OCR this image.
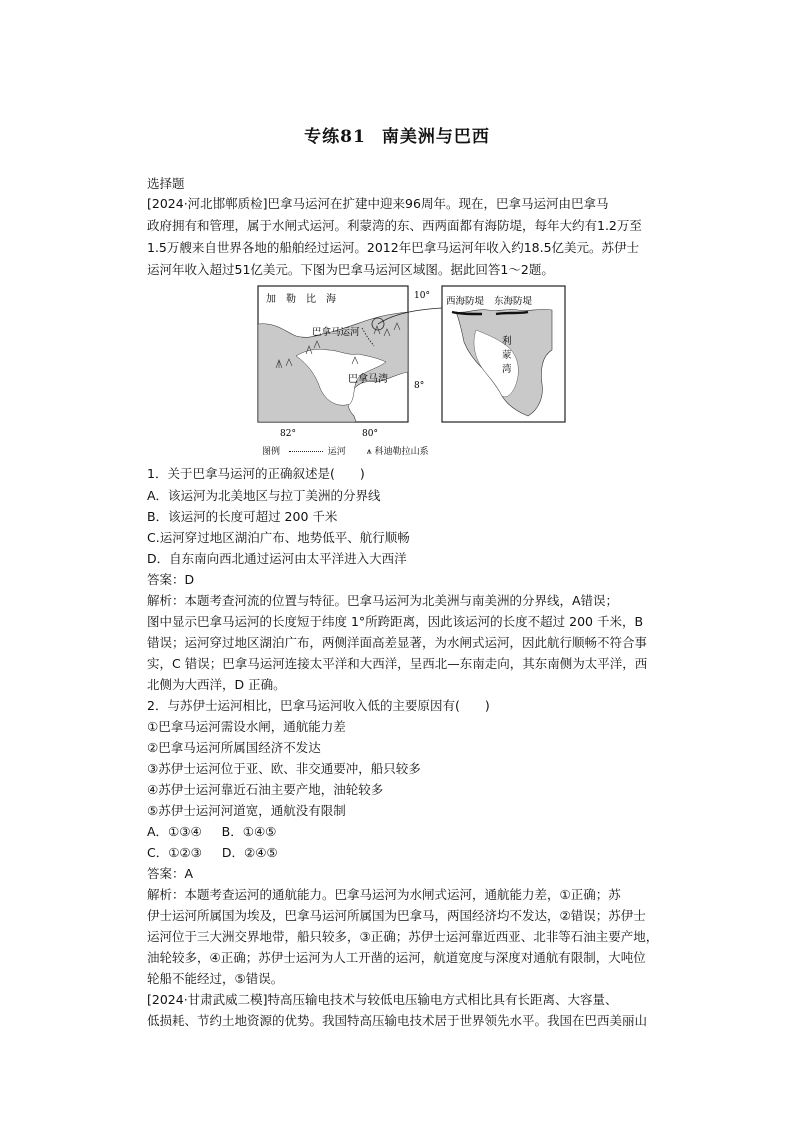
专练81 南美洲与巴西
选择题
[2024·河北邯郸质检]巴拿马运河在扩建中迎来96周年。现在，巴拿马运河由巴拿马
政府拥有和管理，属于水闸式运河。利蒙湾的东、西两面都有海防堤，每年大约有1.2万至
1.5万艘来自世界各地的船舶经过运河。2012年巴拿马运河年收入约18.5亿美元。苏伊士
运河年收入超过51亿美元。下图为巴拿马运河区域图。据此回答1～2题。
加　勒　比　海
巴拿马运河
巴拿马湾
10°
8°
82°	80°
西海防堤 东海防堤
利
蒙
湾
图例	运河 ⩚ 科迪勒拉山系
1．关于巴拿马运河的正确叙述是(　　)
A．该运河为北美地区与拉丁美洲的分界线
B．该运河的长度可超过 200 千米
C.运河穿过地区湖泊广布、地势低平、航行顺畅
D．自东南向西北通过运河由太平洋进入大西洋
答案：D
解析：本题考查河流的位置与特征。巴拿马运河为北美洲与南美洲的分界线，A错误；
图中显示巴拿马运河的长度短于纬度 1°所跨距离，因此该运河的长度不超过 200 千米，B
错误；运河穿过地区湖泊广布，两侧洋面高差显著，为水闸式运河，因此航行顺畅不符合事
实，C 错误；巴拿马运河连接太平洋和大西洋，呈西北—东南走向，其东南侧为太平洋，西
北侧为大西洋，D 正确。
2．与苏伊士运河相比，巴拿马运河收入低的主要原因有(　　)
①巴拿马运河需设水闸，通航能力差
②巴拿马运河所属国经济不发达
③苏伊士运河位于亚、欧、非交通要冲，船只较多
④苏伊士运河靠近石油主要产地，油轮较多
⑤苏伊士运河河道宽，通航没有限制
A．①③④ B．①④⑤
C．①②③ D．②④⑤
答案：A
解析：本题考查运河的通航能力。巴拿马运河为水闸式运河，通航能力差，①正确；苏
伊士运河所属国为埃及，巴拿马运河所属国为巴拿马，两国经济均不发达，②错误；苏伊士
运河位于三大洲交界地带，船只较多，③正确；苏伊士运河靠近西亚、北非等石油主要产地，
油轮较多，④正确；苏伊士运河为人工开凿的运河，航道宽度与深度对通航有限制，大吨位
轮船不能经过，⑤错误。
[2024·甘肃武威二模]特高压输电技术与较低电压输电方式相比具有长距离、大容量、
低损耗、节约土地资源的优势。我国特高压输电技术居于世界领先水平。我国在巴西美丽山
